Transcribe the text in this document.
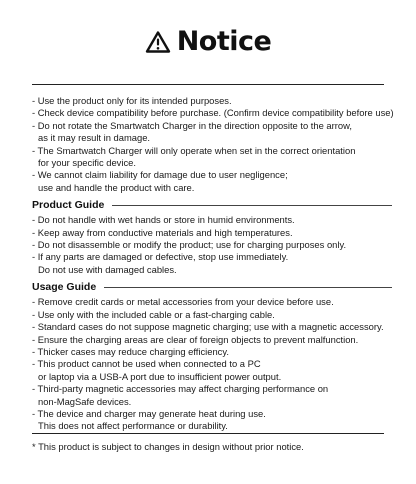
Notice
- Use the product only for its intended purposes.
- Check device compatibility before purchase. (Confirm device compatibility before use)
- Do not rotate the Smartwatch Charger in the direction opposite to the arrow,
as it may result in damage.
- The Smartwatch Charger will only operate when set in the correct orientation
for your specific device.
- We cannot claim liability for damage due to user negligence;
use and handle the product with care.
Product Guide
- Do not handle with wet hands or store in humid environments.
- Keep away from conductive materials and high temperatures.
- Do not disassemble or modify the product; use for charging purposes only.
- If any parts are damaged or defective, stop use immediately.
Do not use with damaged cables.
Usage Guide
- Remove credit cards or metal accessories from your device before use.
- Use only with the included cable or a fast-charging cable.
- Standard cases do not suppose magnetic charging; use with a magnetic accessory.
- Ensure the charging areas are clear of foreign objects to prevent malfunction.
- Thicker cases may reduce charging efficiency.
- This product cannot be used when connected to a PC
or laptop via a USB-A port due to insufficient power output.
- Third-party magnetic accessories may affect charging performance on
non-MagSafe devices.
- The device and charger may generate heat during use.
This does not affect performance or durability.
* This product is subject to changes in design without prior notice.
